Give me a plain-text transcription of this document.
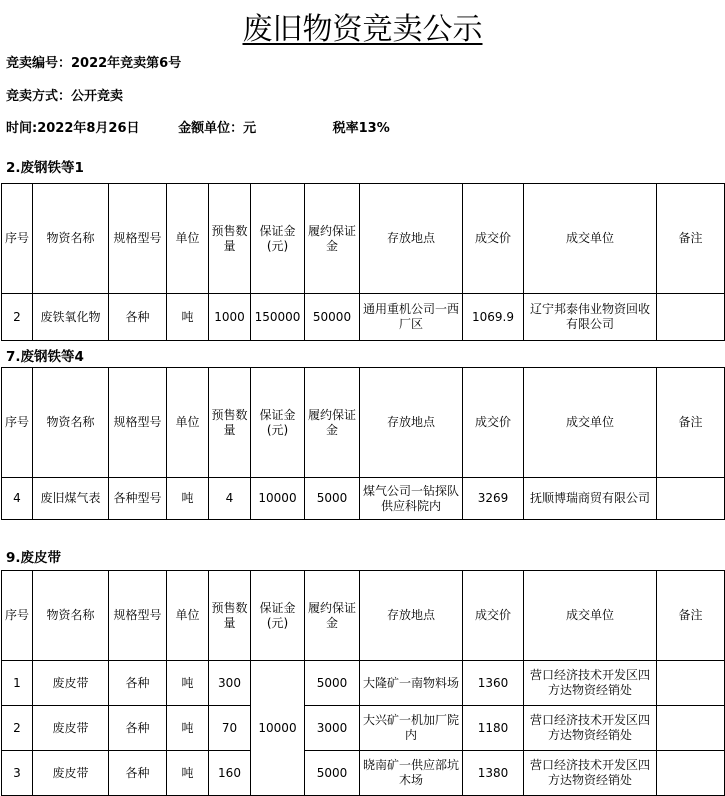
废旧物资竞卖公示
竞卖编号：2022年竞卖第6号
竞卖方式：公开竞卖
时间:2022年8月26日	金额单位：元	税率13%
2.废钢铁等1
序号	物资名称	规格型号	单位	预售数量	保证金(元)	履约保证金	存放地点	成交价	成交单位	备注
2	废铁氧化物	各种	吨	1000	150000	50000	通用重机公司一西厂区	1069.9	辽宁邦泰伟业物资回收有限公司	
7.废钢铁等4
序号	物资名称	规格型号	单位	预售数量	保证金(元)	履约保证金	存放地点	成交价	成交单位	备注
4	废旧煤气表	各种型号	吨	4	10000	5000	煤气公司一钻探队供应科院内	3269	抚顺博瑞商贸有限公司	
9.废皮带
序号	物资名称	规格型号	单位	预售数量	保证金(元)	履约保证金	存放地点	成交价	成交单位	备注
1	废皮带	各种	吨	300	10000	5000	大隆矿一南物料场	1360	营口经济技术开发区四方达物资经销处	
2	废皮带	各种	吨	70		3000	大兴矿一机加厂院内	1180	营口经济技术开发区四方达物资经销处	
3	废皮带	各种	吨	160		5000	晓南矿一供应部坑木场	1380	营口经济技术开发区四方达物资经销处	
